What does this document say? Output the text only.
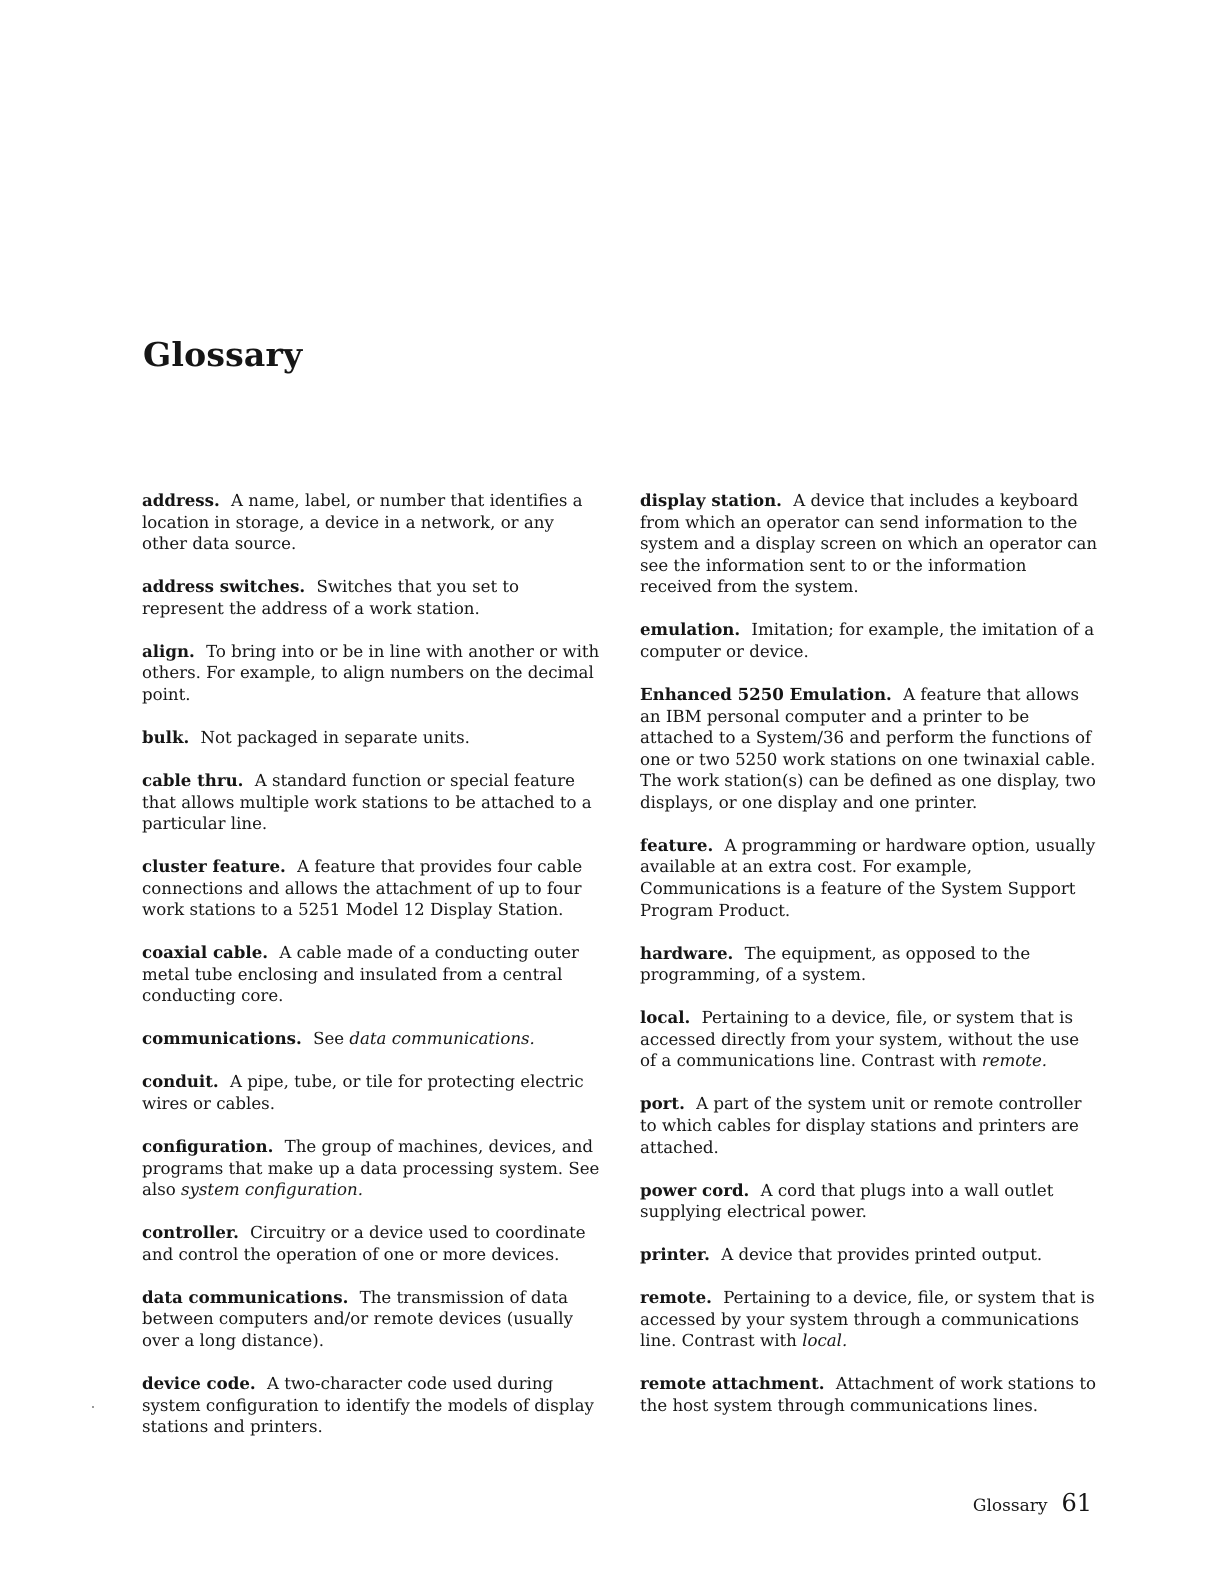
Glossary

address. A name, label, or number that identifies a location in storage, a device in a network, or any other data source.

address switches. Switches that you set to represent the address of a work station.

align. To bring into or be in line with another or with others. For example, to align numbers on the decimal point.

bulk. Not packaged in separate units.

cable thru. A standard function or special feature that allows multiple work stations to be attached to a particular line.

cluster feature. A feature that provides four cable connections and allows the attachment of up to four work stations to a 5251 Model 12 Display Station.

coaxial cable. A cable made of a conducting outer metal tube enclosing and insulated from a central conducting core.

communications. See data communications.

conduit. A pipe, tube, or tile for protecting electric wires or cables.

configuration. The group of machines, devices, and programs that make up a data processing system. See also system configuration.

controller. Circuitry or a device used to coordinate and control the operation of one or more devices.

data communications. The transmission of data between computers and/or remote devices (usually over a long distance).

device code. A two-character code used during system configuration to identify the models of display stations and printers.

display station. A device that includes a keyboard from which an operator can send information to the system and a display screen on which an operator can see the information sent to or the information received from the system.

emulation. Imitation; for example, the imitation of a computer or device.

Enhanced 5250 Emulation. A feature that allows an IBM personal computer and a printer to be attached to a System/36 and perform the functions of one or two 5250 work stations on one twinaxial cable. The work station(s) can be defined as one display, two displays, or one display and one printer.

feature. A programming or hardware option, usually available at an extra cost. For example, Communications is a feature of the System Support Program Product.

hardware. The equipment, as opposed to the programming, of a system.

local. Pertaining to a device, file, or system that is accessed directly from your system, without the use of a communications line. Contrast with remote.

port. A part of the system unit or remote controller to which cables for display stations and printers are attached.

power cord. A cord that plugs into a wall outlet supplying electrical power.

printer. A device that provides printed output.

remote. Pertaining to a device, file, or system that is accessed by your system through a communications line. Contrast with local.

remote attachment. Attachment of work stations to the host system through communications lines.

Glossary 61
